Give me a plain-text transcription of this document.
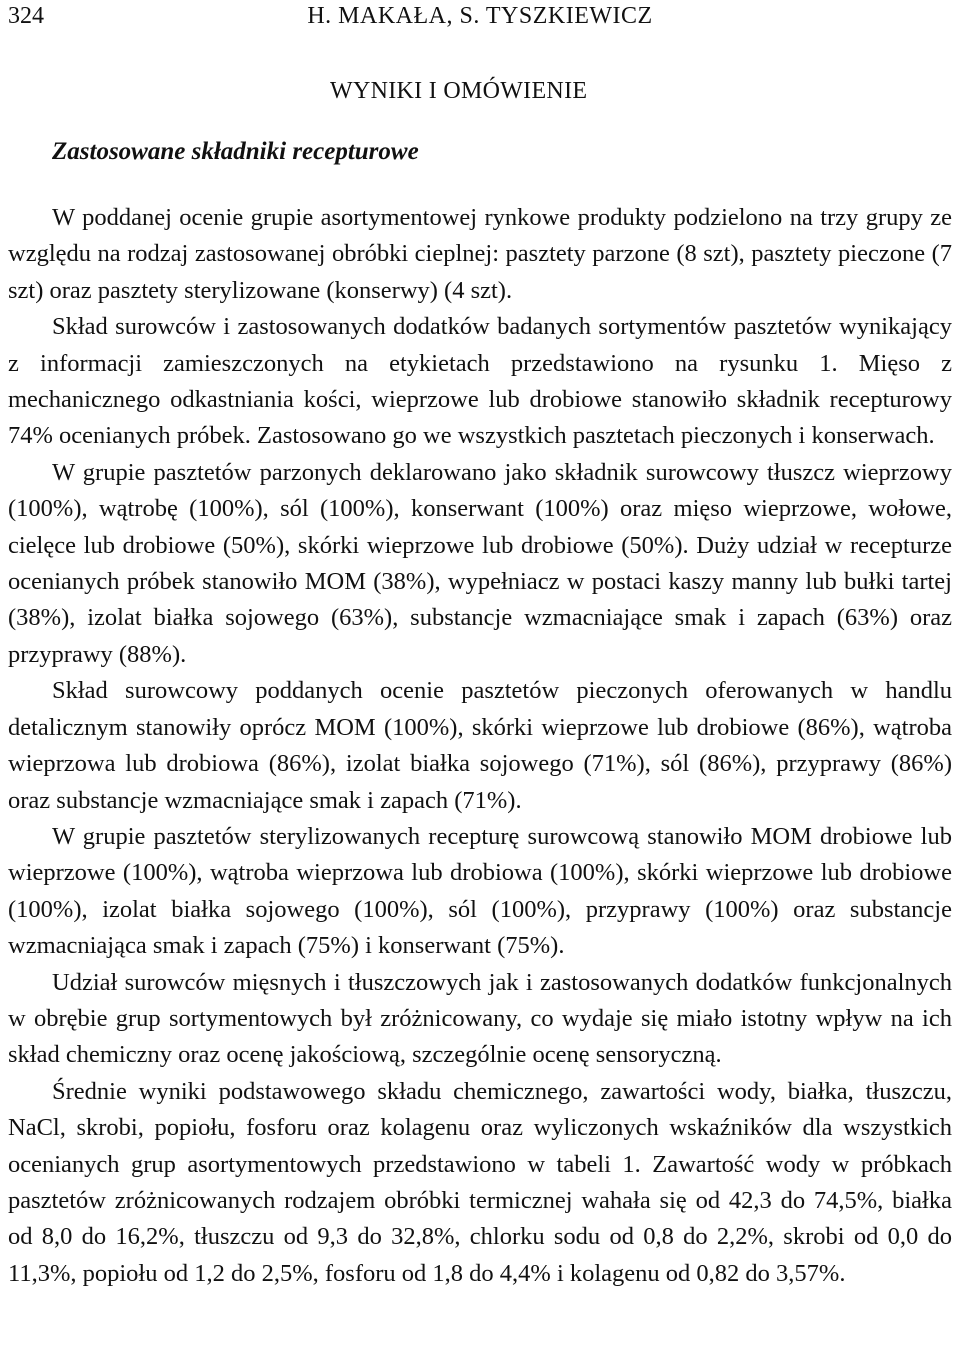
324	H. MAKAŁA, S. TYSZKIEWICZ
WYNIKI I OMÓWIENIE
Zastosowane składniki recepturowe

W poddanej ocenie grupie asortymentowej rynkowe produkty podzielono na trzy grupy ze względu na rodzaj zastosowanej obróbki cieplnej: pasztety parzone (8 szt), pasztety pieczone (7 szt) oraz pasztety sterylizowane (konserwy) (4 szt).

Skład surowców i zastosowanych dodatków badanych sortymentów pasztetów wynikający z informacji zamieszczonych na etykietach przedstawiono na rysunku 1. Mięso z mechanicznego odkastniania kości, wieprzowe lub drobiowe stanowiło składnik recepturowy 74% ocenianych próbek. Zastosowano go we wszystkich pasztetach pieczonych i konserwach.

W grupie pasztetów parzonych deklarowano jako składnik surowcowy tłuszcz wieprzowy (100%), wątrobę (100%), sól (100%), konserwant (100%) oraz mięso wieprzowe, wołowe, cielęce lub drobiowe (50%), skórki wieprzowe lub drobiowe (50%). Duży udział w recepturze ocenianych próbek stanowiło MOM (38%), wypełniacz w postaci kaszy manny lub bułki tartej (38%), izolat białka sojowego (63%), substancje wzmacniające smak i zapach (63%) oraz przyprawy (88%).

Skład surowcowy poddanych ocenie pasztetów pieczonych oferowanych w handlu detalicznym stanowiły oprócz MOM (100%), skórki wieprzowe lub drobiowe (86%), wątroba wieprzowa lub drobiowa (86%), izolat białka sojowego (71%), sól (86%), przyprawy (86%) oraz substancje wzmacniające smak i zapach (71%).

W grupie pasztetów sterylizowanych recepturę surowcową stanowiło MOM drobiowe lub wieprzowe (100%), wątroba wieprzowa lub drobiowa (100%), skórki wieprzowe lub drobiowe (100%), izolat białka sojowego (100%), sól (100%), przyprawy (100%) oraz substancje wzmacniająca smak i zapach (75%) i konserwant (75%).

Udział surowców mięsnych i tłuszczowych jak i zastosowanych dodatków funkcjonalnych w obrębie grup sortymentowych był zróżnicowany, co wydaje się miało istotny wpływ na ich skład chemiczny oraz ocenę jakościową, szczególnie ocenę sensoryczną.

Średnie wyniki podstawowego składu chemicznego, zawartości wody, białka, tłuszczu, NaCl, skrobi, popiołu, fosforu oraz kolagenu oraz wyliczonych wskaźników dla wszystkich ocenianych grup asortymentowych przedstawiono w tabeli 1. Zawartość wody w próbkach pasztetów zróżnicowanych rodzajem obróbki termicznej wahała się od 42,3 do 74,5%, białka od 8,0 do 16,2%, tłuszczu od 9,3 do 32,8%, chlorku sodu od 0,8 do 2,2%, skrobi od 0,0 do 11,3%, popiołu od 1,2 do 2,5%, fosforu od 1,8 do 4,4% i kolagenu od 0,82 do 3,57%.
